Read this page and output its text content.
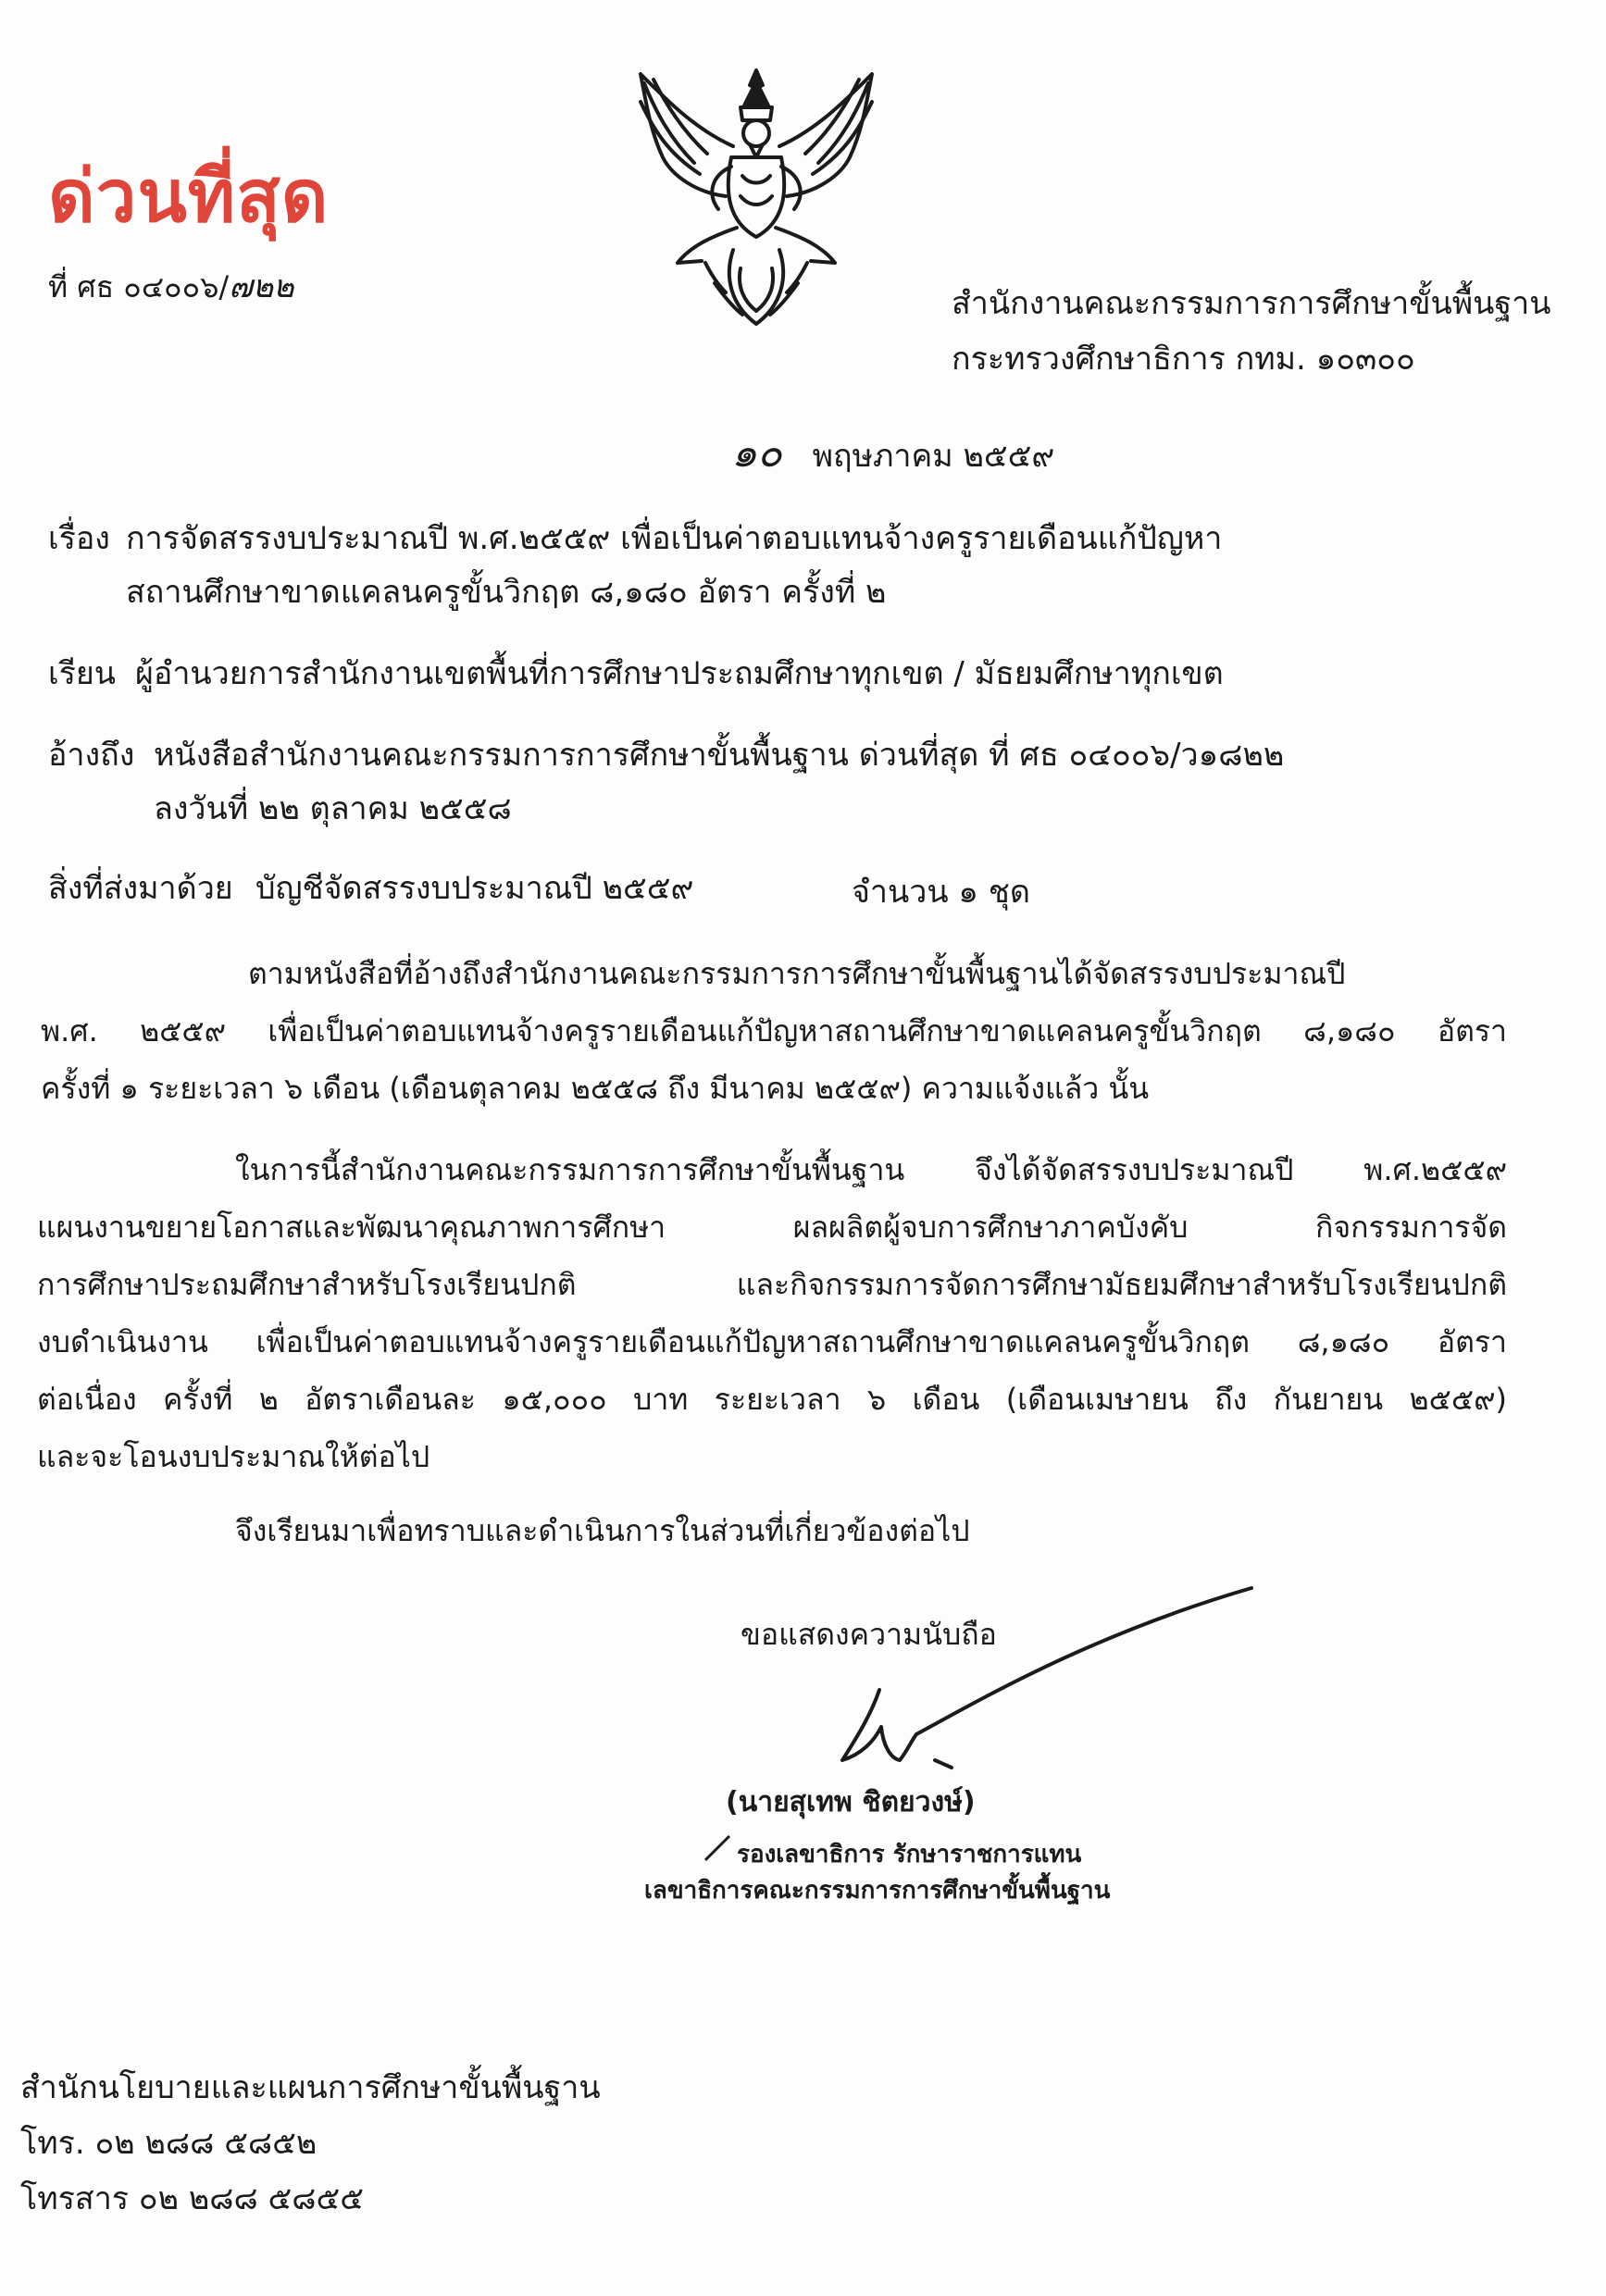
ด่วนที่สุด
ที่ ศธ ๐๔๐๐๖/๗๒๒	สำนักงานคณะกรรมการการศึกษาขั้นพื้นฐาน
กระทรวงศึกษาธิการ กทม. ๑๐๓๐๐
๑๐ พฤษภาคม ๒๕๕๙
เรื่อง การจัดสรรงบประมาณปี พ.ศ.๒๕๕๙ เพื่อเป็นค่าตอบแทนจ้างครูรายเดือนแก้ปัญหา
สถานศึกษาขาดแคลนครูขั้นวิกฤต ๘,๑๘๐ อัตรา ครั้งที่ ๒
เรียน ผู้อำนวยการสำนักงานเขตพื้นที่การศึกษาประถมศึกษาทุกเขต / มัธยมศึกษาทุกเขต
อ้างถึง หนังสือสำนักงานคณะกรรมการการศึกษาขั้นพื้นฐาน ด่วนที่สุด ที่ ศธ ๐๔๐๐๖/ว๑๘๒๒
ลงวันที่ ๒๒ ตุลาคม ๒๕๕๘
สิ่งที่ส่งมาด้วย บัญชีจัดสรรงบประมาณปี ๒๕๕๙	จำนวน ๑ ชุด
ตามหนังสือที่อ้างถึงสำนักงานคณะกรรมการการศึกษาขั้นพื้นฐานได้จัดสรรงบประมาณปี
พ.ศ. ๒๕๕๙ เพื่อเป็นค่าตอบแทนจ้างครูรายเดือนแก้ปัญหาสถานศึกษาขาดแคลนครูขั้นวิกฤต ๘,๑๘๐ อัตรา
ครั้งที่ ๑ ระยะเวลา ๖ เดือน (เดือนตุลาคม ๒๕๕๘ ถึง มีนาคม ๒๕๕๙) ความแจ้งแล้ว นั้น
ในการนี้สำนักงานคณะกรรมการการศึกษาขั้นพื้นฐาน จึงได้จัดสรรงบประมาณปี พ.ศ.๒๕๕๙
แผนงานขยายโอกาสและพัฒนาคุณภาพการศึกษา ผลผลิตผู้จบการศึกษาภาคบังคับ กิจกรรมการจัด
การศึกษาประถมศึกษาสำหรับโรงเรียนปกติ และกิจกรรมการจัดการศึกษามัธยมศึกษาสำหรับโรงเรียนปกติ
งบดำเนินงาน เพื่อเป็นค่าตอบแทนจ้างครูรายเดือนแก้ปัญหาสถานศึกษาขาดแคลนครูขั้นวิกฤต ๘,๑๘๐ อัตรา
ต่อเนื่อง ครั้งที่ ๒ อัตราเดือนละ ๑๕,๐๐๐ บาท ระยะเวลา ๖ เดือน (เดือนเมษายน ถึง กันยายน ๒๕๕๙)
และจะโอนงบประมาณให้ต่อไป
จึงเรียนมาเพื่อทราบและดำเนินการในส่วนที่เกี่ยวข้องต่อไป
ขอแสดงความนับถือ
(นายสุเทพ ชิตยวงษ์)
รองเลขาธิการ รักษาราชการแทน
เลขาธิการคณะกรรมการการศึกษาขั้นพื้นฐาน
สำนักนโยบายและแผนการศึกษาขั้นพื้นฐาน
โทร. ๐๒ ๒๘๘ ๕๘๕๒
โทรสาร ๐๒ ๒๘๘ ๕๘๕๕
